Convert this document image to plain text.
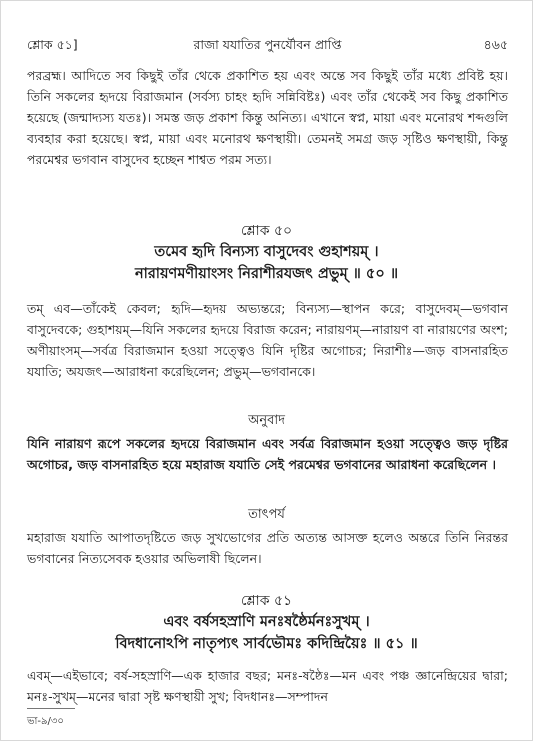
শ্লোক ৫১]	রাজা যযাতির পুনর্যৌবন প্রাপ্তি	৪৬৫
পরব্রহ্ম। আদিতে সব কিছুই তাঁর থেকে প্রকাশিত হয় এবং অন্তে সব কিছুই তাঁর মধ্যে প্রবিষ্ট হয়। তিনি সকলের হৃদয়ে বিরাজমান (সর্বস্য চাহং হৃদি সন্নিবিষ্টঃ) এবং তাঁর থেকেই সব কিছু প্রকাশিত হয়েছে (জন্মাদ্যস্য যতঃ)। সমস্ত জড় প্রকাশ কিন্তু অনিত্য। এখানে স্বপ্ন, মায়া এবং মনোরথ শব্দগুলি ব্যবহার করা হয়েছে। স্বপ্ন, মায়া এবং মনোরথ ক্ষণস্থায়ী। তেমনই সমগ্র জড় সৃষ্টিও ক্ষণস্থায়ী, কিন্তু পরমেশ্বর ভগবান বাসুদেব হচ্ছেন শাশ্বত পরম সত্য।
শ্লোক ৫০
তমেব হৃদি বিন্যস্য বাসুদেবং গুহাশয়ম্ ।
নারায়ণমণীয়াংসং নিরাশীরযজৎ প্রভুম্ ॥ ৫০ ॥
তম্ এব—তাঁকেই কেবল; হৃদি—হৃদয় অভ্যন্তরে; বিন্যস্য—স্থাপন করে; বাসুদেবম্—ভগবান বাসুদেবকে; গুহাশয়ম্—যিনি সকলের হৃদয়ে বিরাজ করেন; নারায়ণম্—নারায়ণ বা নারায়ণের অংশ; অণীয়াংসম্—সর্বত্র বিরাজমান হওয়া সত্ত্বেও যিনি দৃষ্টির অগোচর; নিরাশীঃ—জড় বাসনারহিত যযাতি; অযজৎ—আরাধনা করেছিলেন; প্রভুম্—ভগবানকে।
অনুবাদ
যিনি নারায়ণ রূপে সকলের হৃদয়ে বিরাজমান এবং সর্বত্র বিরাজমান হওয়া সত্ত্বেও জড় দৃষ্টির অগোচর, জড় বাসনারহিত হয়ে মহারাজ যযাতি সেই পরমেশ্বর ভগবানের আরাধনা করেছিলেন ।
তাৎপর্য
মহারাজ যযাতি আপাতদৃষ্টিতে জড় সুখভোগের প্রতি অত্যন্ত আসক্ত হলেও অন্তরে তিনি নিরন্তর ভগবানের নিত্যসেবক হওয়ার অভিলাষী ছিলেন।
শ্লোক ৫১
এবং বর্ষসহস্রাণি মনঃষষ্ঠৈর্মনঃসুখম্ ।
বিদধানোঽপি নাতৃপ্যৎ সার্বভৌমঃ কদিন্দ্রিয়ৈঃ ॥ ৫১ ॥
এবম্—এইভাবে; বর্ষ-সহস্রাণি—এক হাজার বছর; মনঃ-ষষ্ঠৈঃ—মন এবং পঞ্চ জ্ঞানেন্দ্রিয়ের দ্বারা; মনঃ-সুখম্—মনের দ্বারা সৃষ্ট ক্ষণস্থায়ী সুখ; বিদধানঃ—সম্পাদন
ভা-৯/৩০
